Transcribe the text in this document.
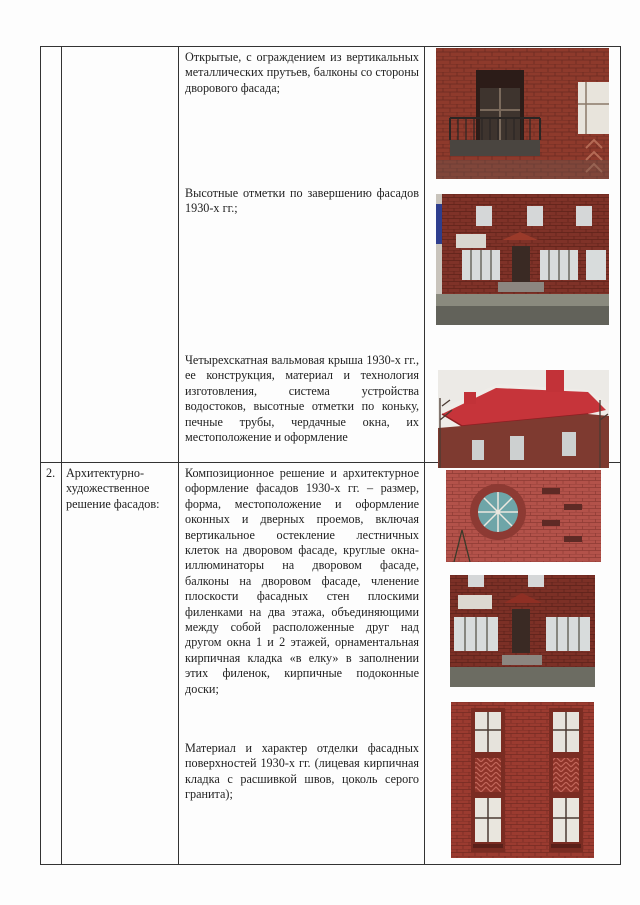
		Открытые, с ограждением из вертикальных металлических прутьев, балконы со стороны дворового фасада;
Высотные отметки по завершению фасадов 1930-х гг.;
Четырехскатная вальмовая крыша 1930-х гг., ее конструкция, материал и технология изготовления, система устройства водостоков, высотные отметки по коньку, печные трубы, чердачные окна, их местоположение и оформление	

2.	Архитектурно-художественное решение фасадов:	Композиционное решение и архитектурное оформление фасадов 1930-х гг. – размер, форма, местоположение и оформление оконных и дверных проемов, включая вертикальное остекление лестничных клеток на дворовом фасаде, круглые окна-иллюминаторы на дворовом фасаде, балконы на дворовом фасаде, членение плоскости фасадных стен плоскими филенками на два этажа, объединяющими между собой расположенные друг над другом окна 1 и 2 этажей, орнаментальная кирпичная кладка «в елку» в заполнении этих филенок, кирпичные подоконные доски;
Материал и характер отделки фасадных поверхностей 1930-х гг. (лицевая кирпичная кладка с расшивкой швов, цоколь серого гранита);	
